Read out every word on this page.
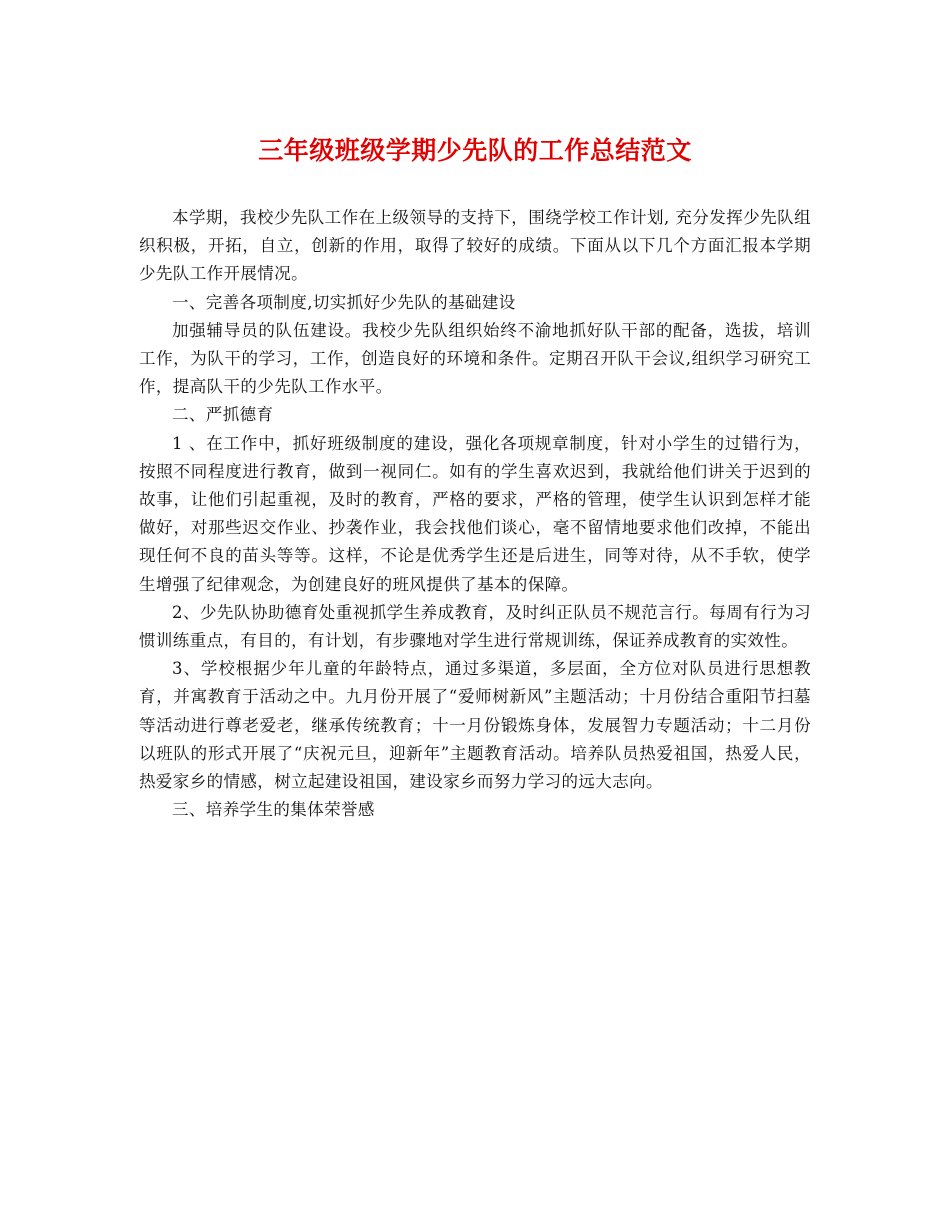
三年级班级学期少先队的工作总结范文

本学期，我校少先队工作在上级领导的支持下，围绕学校工作计划, 充分发挥少先队组织积极，开拓，自立，创新的作用，取得了较好的成绩。下面从以下几个方面汇报本学期少先队工作开展情况。

一、完善各项制度,切实抓好少先队的基础建设

加强辅导员的队伍建设。我校少先队组织始终不渝地抓好队干部的配备，选拔，培训工作，为队干的学习，工作，创造良好的环境和条件。定期召开队干会议,组织学习研究工作，提高队干的少先队工作水平。

二、严抓德育

1 、在工作中，抓好班级制度的建设，强化各项规章制度，针对小学生的过错行为，按照不同程度进行教育，做到一视同仁。如有的学生喜欢迟到，我就给他们讲关于迟到的故事，让他们引起重视，及时的教育，严格的要求，严格的管理，使学生认识到怎样才能做好，对那些迟交作业、抄袭作业，我会找他们谈心，毫不留情地要求他们改掉，不能出现任何不良的苗头等等。这样，不论是优秀学生还是后进生，同等对待，从不手软，使学生增强了纪律观念，为创建良好的班风提供了基本的保障。

2、少先队协助德育处重视抓学生养成教育，及时纠正队员不规范言行。每周有行为习惯训练重点，有目的，有计划，有步骤地对学生进行常规训练，保证养成教育的实效性。

3、学校根据少年儿童的年龄特点，通过多渠道，多层面，全方位对队员进行思想教育，并寓教育于活动之中。九月份开展了“爱师树新风”主题活动；十月份结合重阳节扫墓等活动进行尊老爱老，继承传统教育；十一月份锻炼身体，发展智力专题活动；十二月份以班队的形式开展了“庆祝元旦，迎新年”主题教育活动。培养队员热爱祖国，热爱人民，热爱家乡的情感，树立起建设祖国，建设家乡而努力学习的远大志向。

三、培养学生的集体荣誉感
